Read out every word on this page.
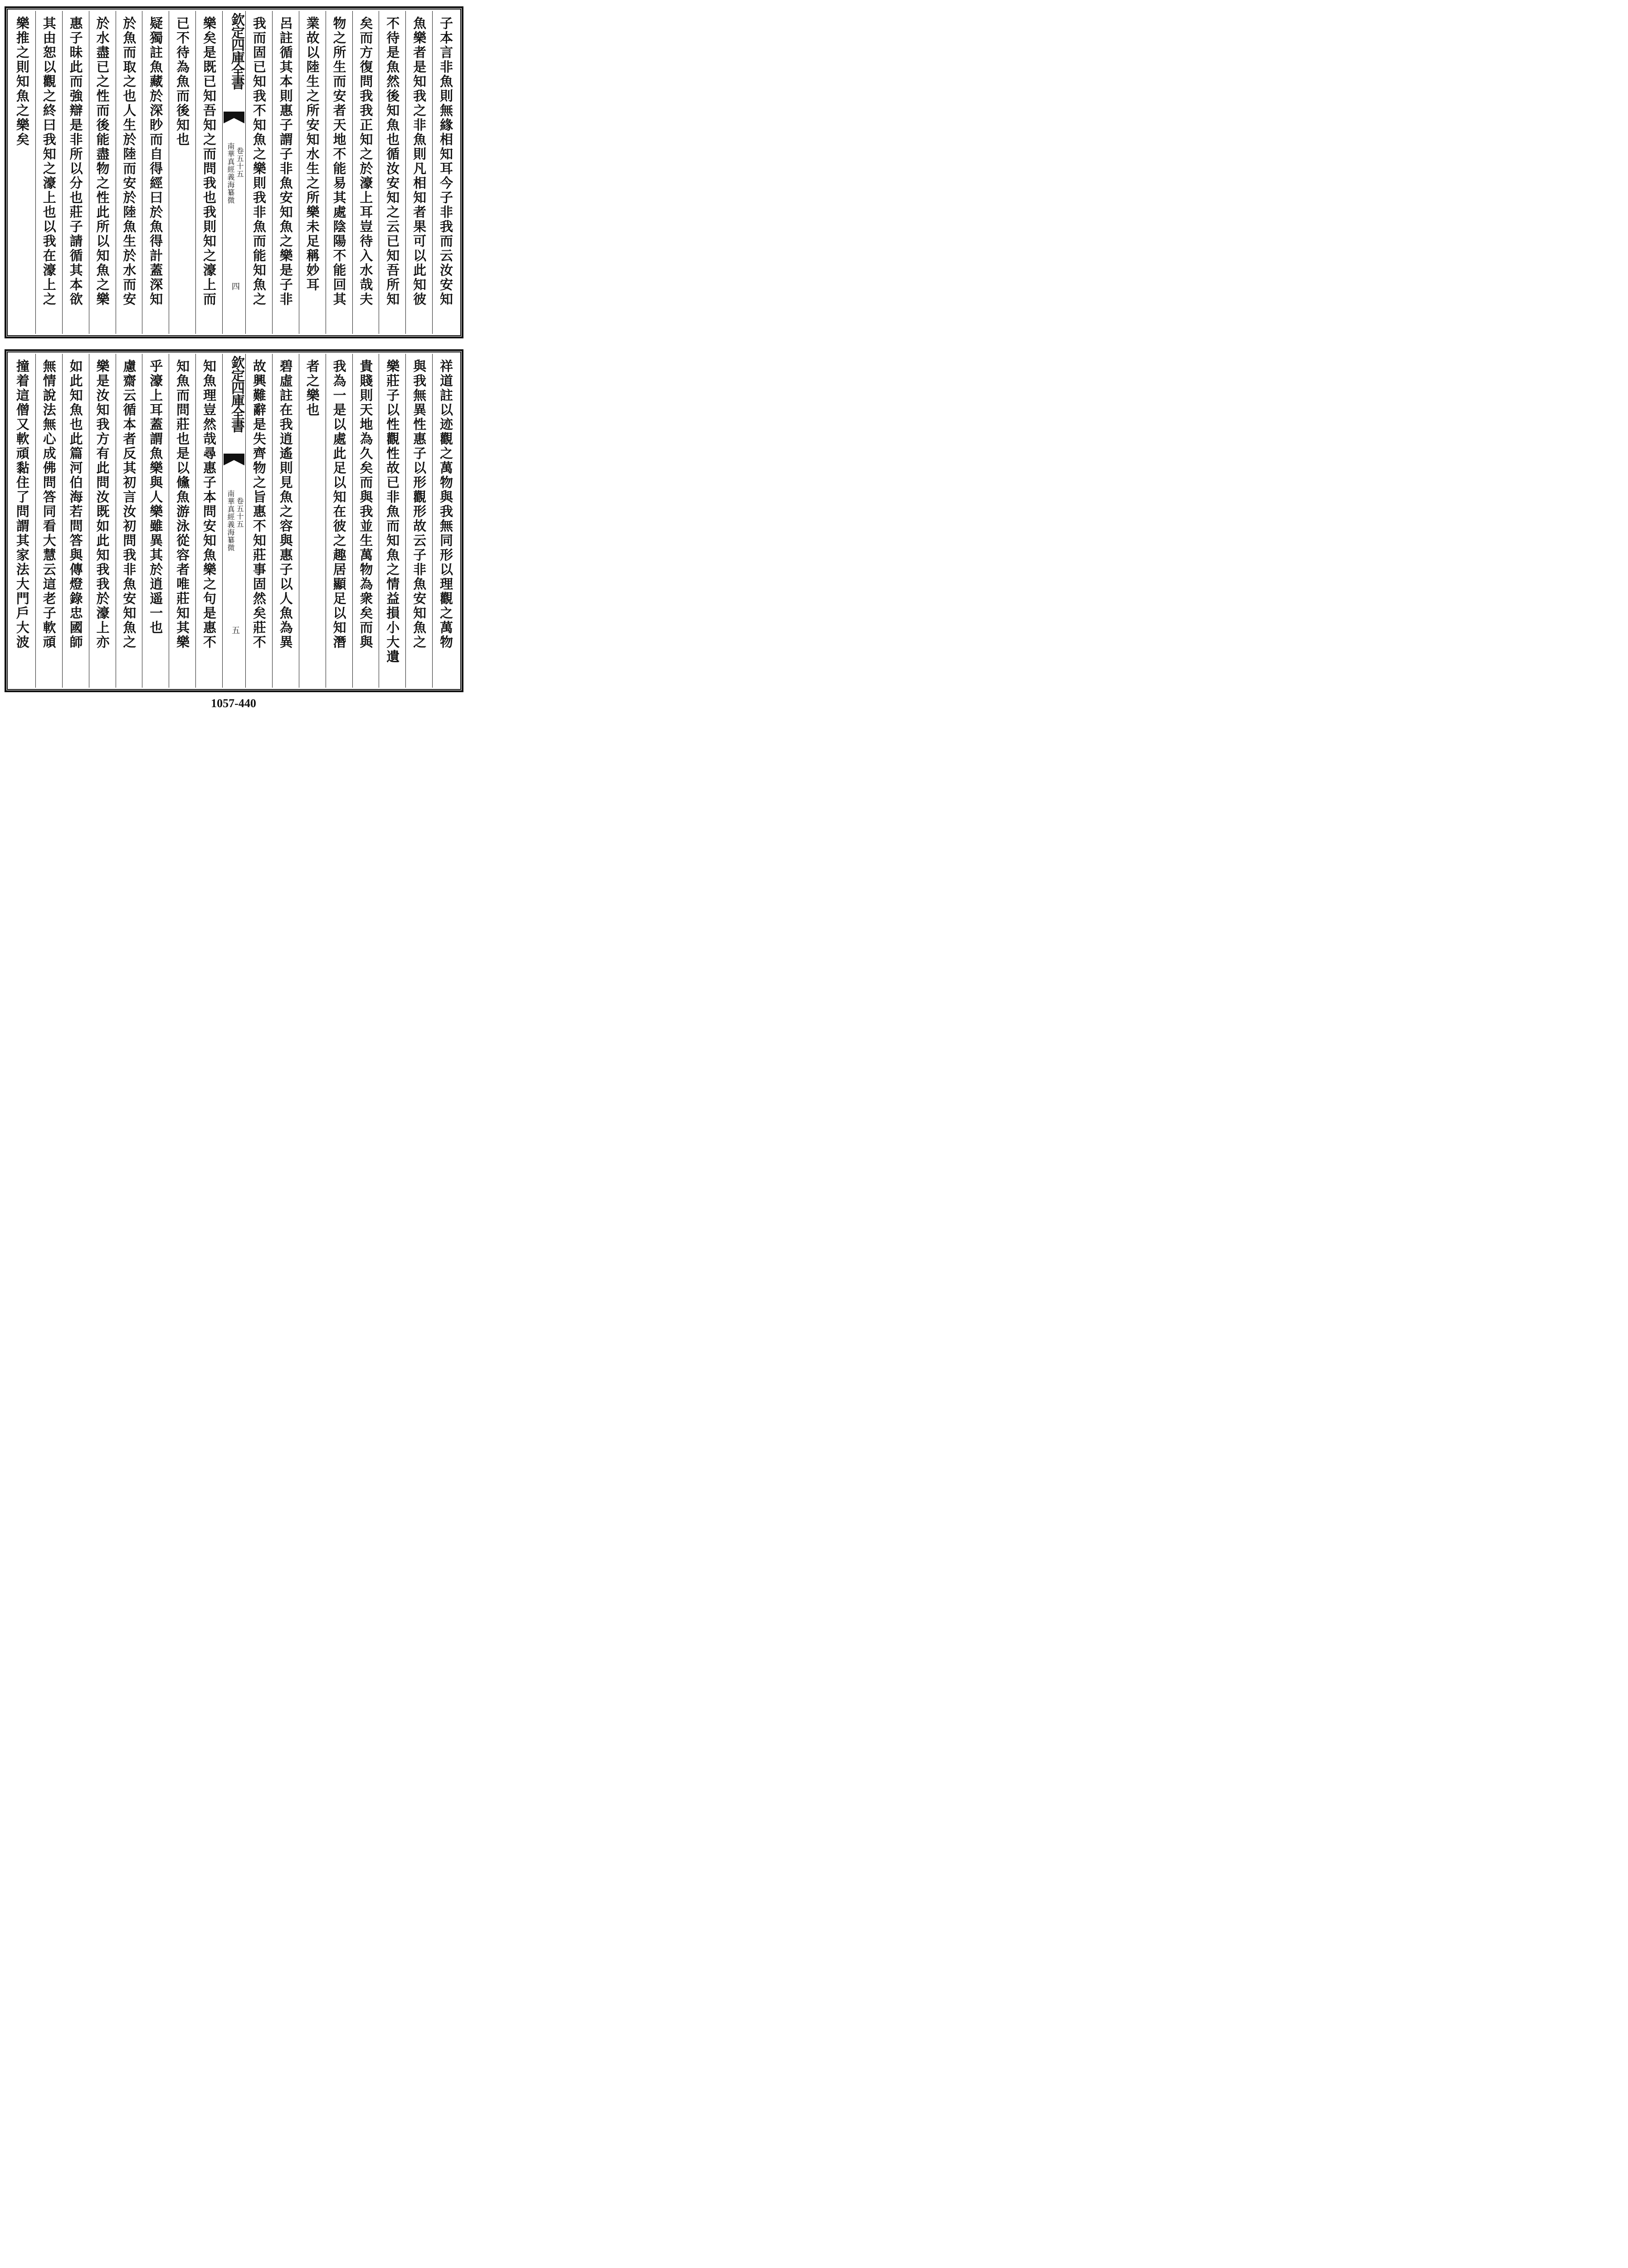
子本言非魚則無緣相知耳今子非我而云汝安知
魚樂者是知我之非魚則凡相知者果可以此知彼
不待是魚然後知魚也循汝安知之云已知吾所知
矣而方復問我我正知之於濠上耳豈待入水哉夫
物之所生而安者天地不能易其處陰陽不能回其
業故以陸生之所安知水生之所樂未足稱妙耳
呂註循其本則惠子謂子非魚安知魚之樂是子非
我而固已知我不知魚之樂則我非魚而能知魚之
欽定四庫全書
南華真經義海纂微 卷五十五
四
樂矣是既已知吾知之而問我也我則知之濠上而
已不待為魚而後知也
疑獨註魚藏於深眇而自得經曰於魚得計蓋深知
於魚而取之也人生於陸而安於陸魚生於水而安
於水盡已之性而後能盡物之性此所以知魚之樂
惠子昧此而強辯是非所以分也莊子請循其本欲
其由恕以觀之終曰我知之濠上也以我在濠上之
樂推之則知魚之樂矣
祥道註以迹觀之萬物與我無同形以理觀之萬物
與我無異性惠子以形觀形故云子非魚安知魚之
樂莊子以性觀性故已非魚而知魚之情益損小大遺
貴賤則天地為久矣而與我並生萬物為衆矣而與
我為一是以處此足以知在彼之趣居顯足以知潛
者之樂也
碧虛註在我逍遙則見魚之容與惠子以人魚為異
故興難辭是失齊物之旨惠不知莊事固然矣莊不
欽定四庫全書
南華真經義海纂微 卷五十五
五
知魚理豈然哉尋惠子本問安知魚樂之句是惠不
知魚而問莊也是以儵魚游泳從容者唯莊知其樂
乎濠上耳蓋謂魚樂與人樂雖異其於逍遥一也
慮齋云循本者反其初言汝初問我非魚安知魚之
樂是汝知我方有此問汝既如此知我我於濠上亦
如此知魚也此篇河伯海若問答與傳燈錄忠國師
無情說法無心成佛問答同看大慧云這老子軟頑
撞着這僧又軟頑黏住了問謂其家法大門戶大波
1057-440
